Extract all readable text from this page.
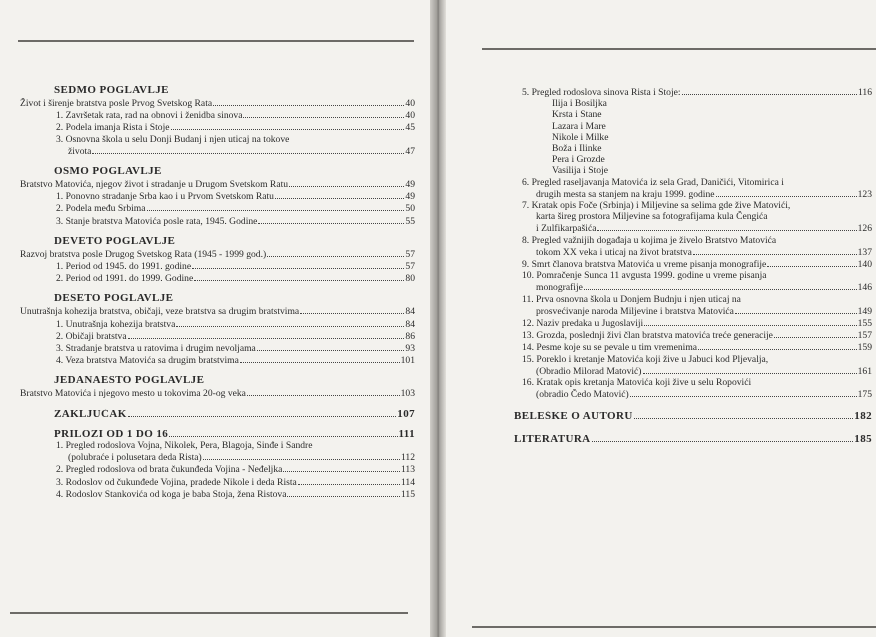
SEDMO POGLAVLJE
Život i širenje bratstva posle Prvog Svetskog Rata	40
1. Završetak rata, rad na obnovi i ženidba sinova	40
2. Podela imanja Rista i Stoje	45
3. Osnovna škola u selu Donji Budanj i njen uticaj na tokove
života	47
OSMO POGLAVLJE
Bratstvo Matovića, njegov život i stradanje u Drugom Svetskom Ratu	49
1. Ponovno stradanje Srba kao i u Prvom Svetskom Ratu	49
2. Podela među Srbima	50
3. Stanje bratstva Matovića posle rata, 1945. Godine	55
DEVETO POGLAVLJE
Razvoj bratstva posle Drugog Svetskog Rata (1945 - 1999 god.)	57
1. Period od 1945. do 1991. godine	57
2. Period od 1991. do 1999. Godine	80
DESETO POGLAVLJE
Unutrašnja kohezija bratstva, običaji, veze bratstva sa drugim bratstvima	84
1. Unutrašnja kohezija bratstva	84
2. Običaji bratstva	86
3. Stradanje bratstva u ratovima i drugim nevoljama	93
4. Veza bratstva Matovića sa drugim bratstvima	101
JEDANAESTO POGLAVLJE
Bratstvo Matovića i njegovo mesto u tokovima 20-og veka	103
ZAKLJUČAK	107
PRILOZI OD 1 DO 16	111
1. Pregled rodoslova Vojna, Nikolek, Pera, Blagoja, Sinđe i Sandre
(polubraće i polusetara deda Rista)	112
2. Pregled rodoslova od brata čukunđeda Vojina - Neđeljka	113
3. Rodoslov od čukunđede Vojina, pradede Nikole i deda Rista	114
4. Rodoslov Stankovića od koga je baba Stoja, žena Ristova	115
5. Pregled rodoslova sinova Rista i Stoje:	116
Ilija i Bosiljka
Krsta i Stane
Lazara i Mare
Nikole i Milke
Boža i Ilinke
Pera i Grozde
Vasilija i Stoje
6. Pregled raseljavanja Matovića iz sela Grad, Daničići, Vitomirica i
drugih mesta sa stanjem na kraju 1999. godine	123
7. Kratak opis Foče (Srbinja) i Miljevine sa selima gde žive Matovići,
karta šireg prostora Miljevine sa fotografijama kula Čengića
i Zulfikarpašića	126
8. Pregled važnijih događaja u kojima je živelo Bratstvo Matovića
tokom XX veka i uticaj na život bratstva	137
9. Smrt članova bratstva Matovića u vreme pisanja monografije	140
10. Pomračenje Sunca 11 avgusta 1999. godine u vreme pisanja
monografije	146
11. Prva osnovna škola u Donjem Budnju i njen uticaj na
prosvećivanje naroda Miljevine i bratstva Matovića	149
12. Naziv predaka u Jugoslaviji	155
13. Grozda, poslednji živi član bratstva matovića treće generacije	157
14. Pesme koje su se pevale u tim vremenima	159
15. Poreklo i kretanje Matovića koji žive u Jabuci kod Pljevalja,
(Obradio Milorad Matović)	161
16. Kratak opis kretanja Matovića koji žive u selu Ropovići
(obradio Čedo Matović)	175
BELEŠKE O AUTORU	182
LITERATURA	185
